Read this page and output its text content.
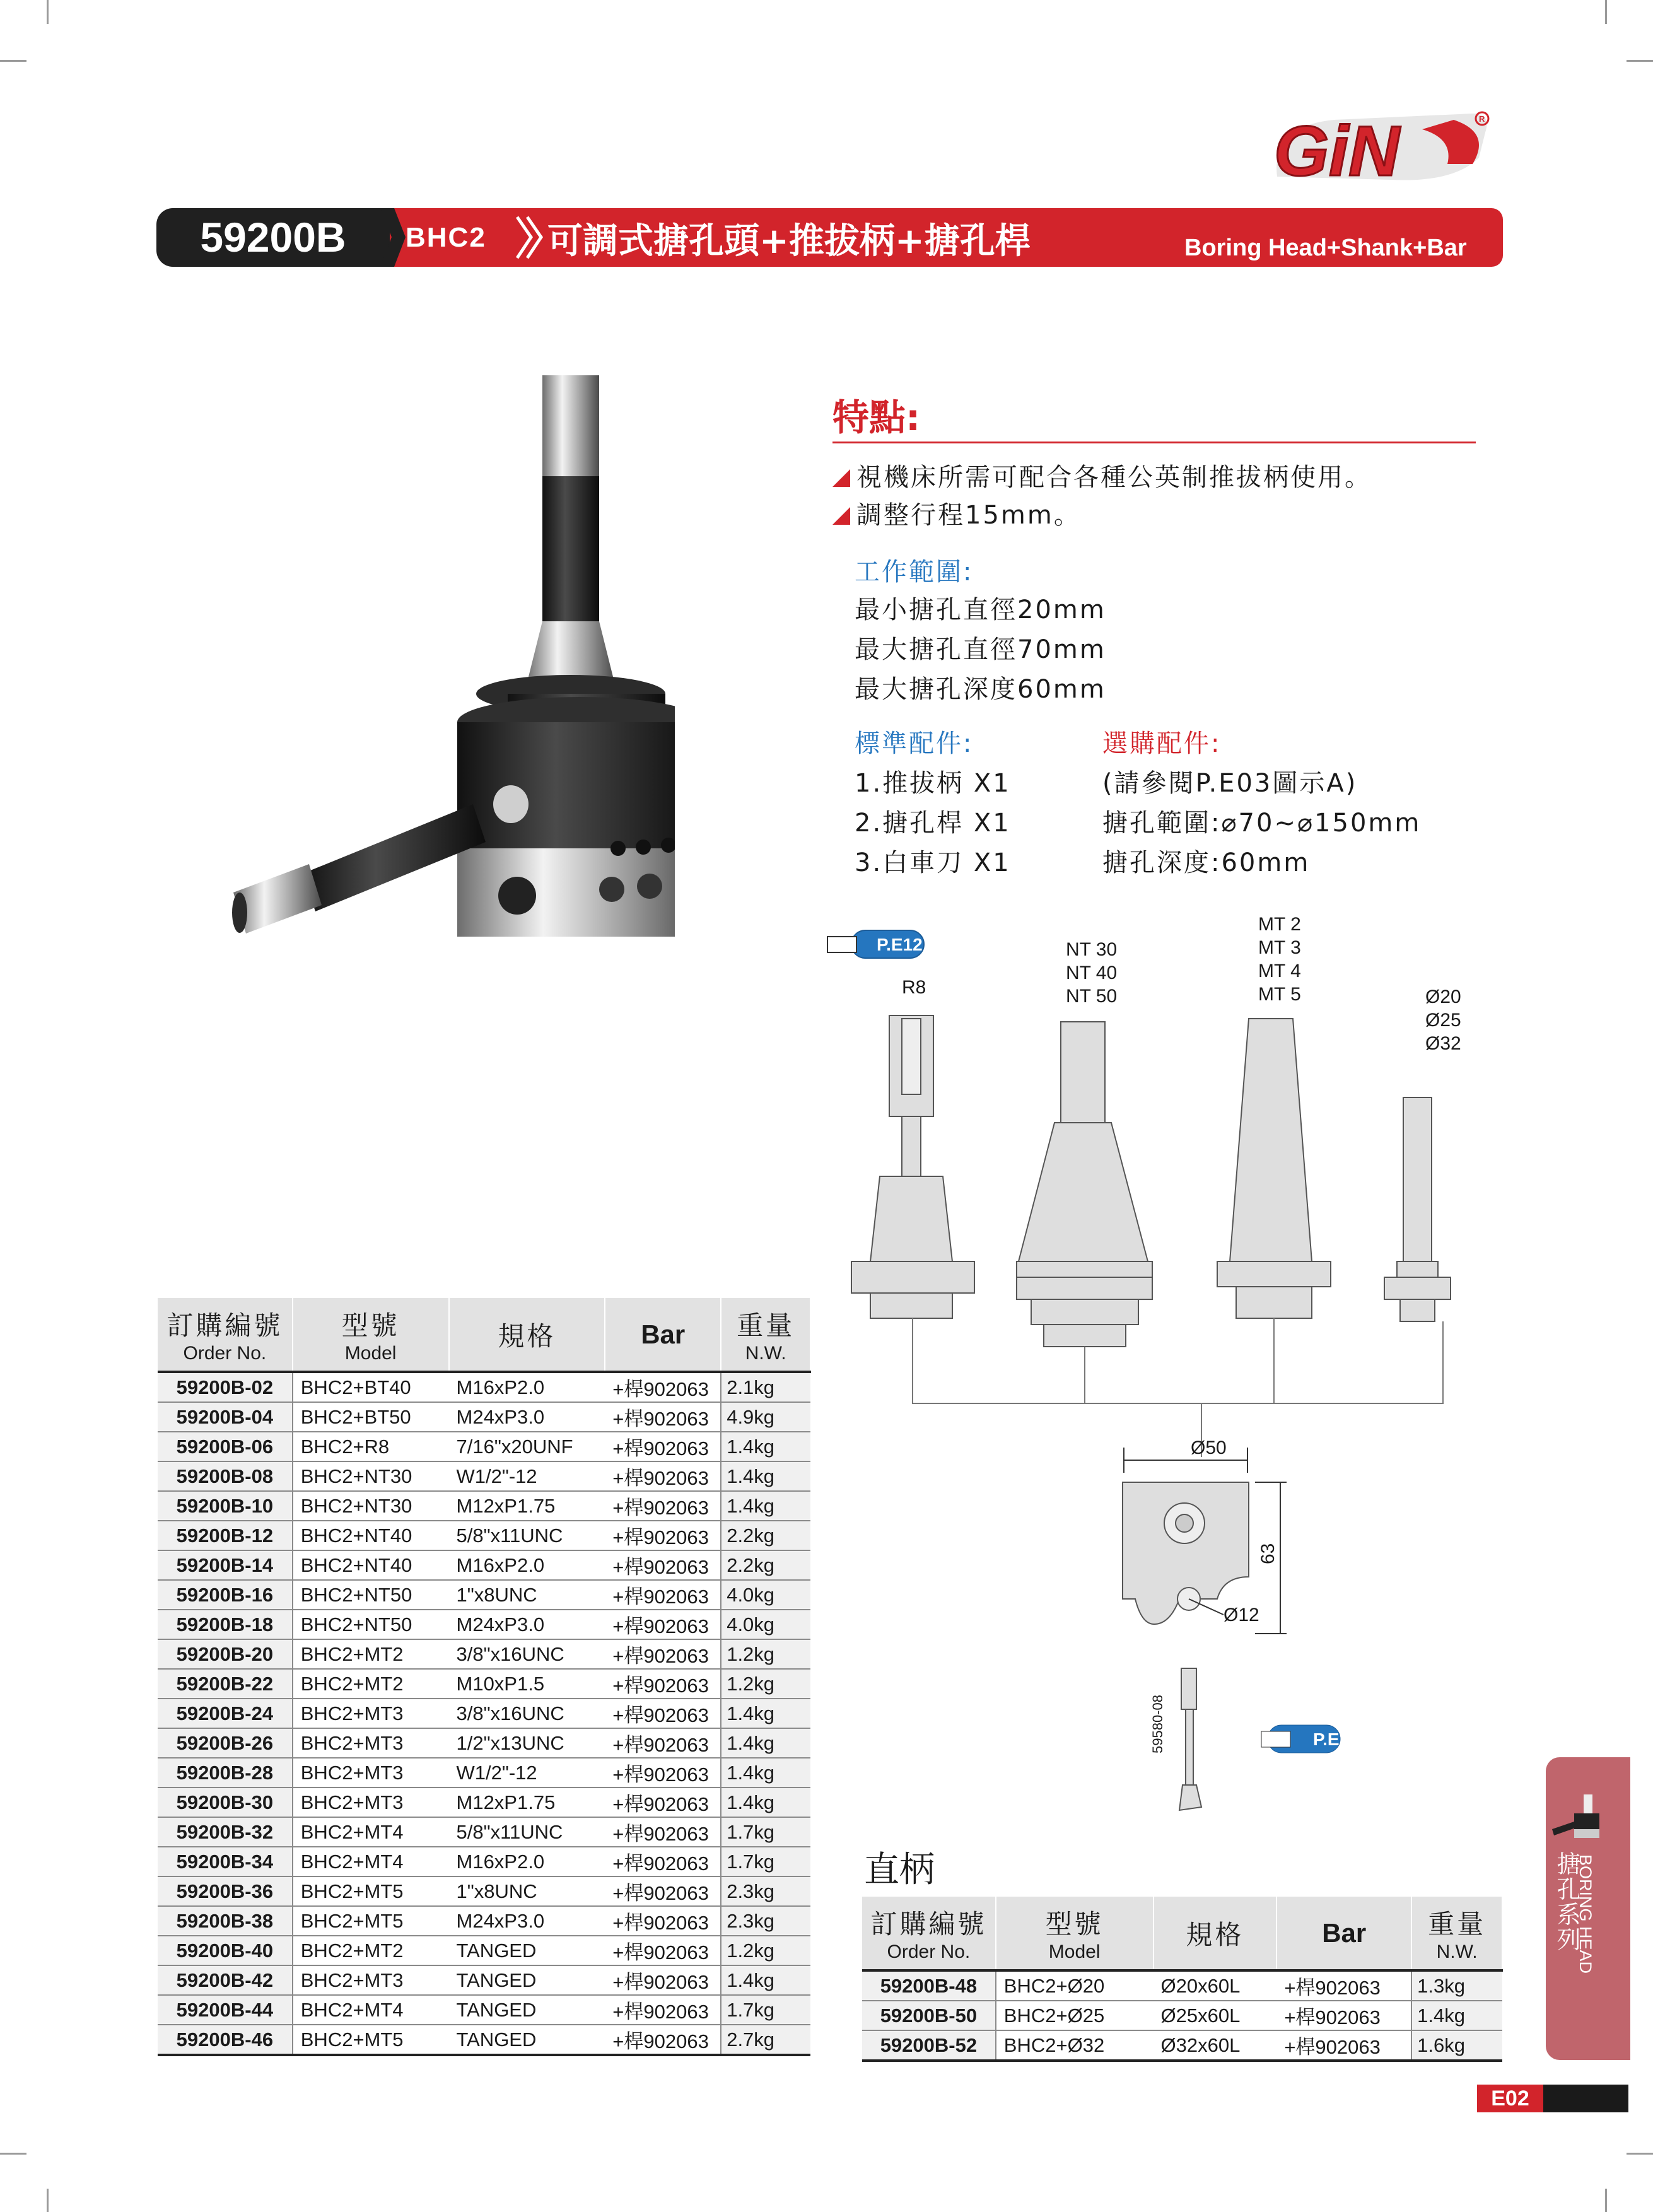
GiN	R
59200B	BHC2 可調式搪孔頭+推拔柄+搪孔桿	Boring Head+Shank+Bar
特點:
視機床所需可配合各種公英制推拔柄使用。
調整行程15mm。
工作範圍:
最小搪孔直徑20mm
最大搪孔直徑70mm
最大搪孔深度60mm
標準配件:
1.推拔柄 X1
2.搪孔桿 X1
3.白車刀 X1
選購配件:
(請參閱P.E03圖示A)
搪孔範圍:⌀70~⌀150mm
搪孔深度:60mm
P.E12
R8
NT 30
NT 40
NT 50
MT 2
MT 3
MT 4
MT 5	Ø20
Ø25
Ø32
Ø50
63
Ø12
59580-08	P.E26
訂購編號
Order No.	型號
Model	規格	Bar	重量
N.W.

59200B-02	BHC2+BT40	M16xP2.0	+桿902063	2.1kg
59200B-04	BHC2+BT50	M24xP3.0	+桿902063	4.9kg
59200B-06	BHC2+R8	7/16"x20UNF	+桿902063	1.4kg
59200B-08	BHC2+NT30	W1/2"-12	+桿902063	1.4kg
59200B-10	BHC2+NT30	M12xP1.75	+桿902063	1.4kg
59200B-12	BHC2+NT40	5/8"x11UNC	+桿902063	2.2kg
59200B-14	BHC2+NT40	M16xP2.0	+桿902063	2.2kg
59200B-16	BHC2+NT50	1"x8UNC	+桿902063	4.0kg
59200B-18	BHC2+NT50	M24xP3.0	+桿902063	4.0kg
59200B-20	BHC2+MT2	3/8"x16UNC	+桿902063	1.2kg
59200B-22	BHC2+MT2	M10xP1.5	+桿902063	1.2kg
59200B-24	BHC2+MT3	3/8"x16UNC	+桿902063	1.4kg
59200B-26	BHC2+MT3	1/2"x13UNC	+桿902063	1.4kg
59200B-28	BHC2+MT3	W1/2"-12	+桿902063	1.4kg
59200B-30	BHC2+MT3	M12xP1.75	+桿902063	1.4kg
59200B-32	BHC2+MT4	5/8"x11UNC	+桿902063	1.7kg
59200B-34	BHC2+MT4	M16xP2.0	+桿902063	1.7kg
59200B-36	BHC2+MT5	1"x8UNC	+桿902063	2.3kg
59200B-38	BHC2+MT5	M24xP3.0	+桿902063	2.3kg
59200B-40	BHC2+MT2	TANGED	+桿902063	1.2kg
59200B-42	BHC2+MT3	TANGED	+桿902063	1.4kg
59200B-44	BHC2+MT4	TANGED	+桿902063	1.7kg
59200B-46	BHC2+MT5	TANGED	+桿902063	2.7kg
直柄
訂購編號
Order No.	型號
Model	規格	Bar	重量
N.W.

59200B-48	BHC2+Ø20	Ø20x60L	+桿902063	1.3kg
59200B-50	BHC2+Ø25	Ø25x60L	+桿902063	1.4kg
59200B-52	BHC2+Ø32	Ø32x60L	+桿902063	1.6kg
BORING HEAD
搪孔系列
E02
